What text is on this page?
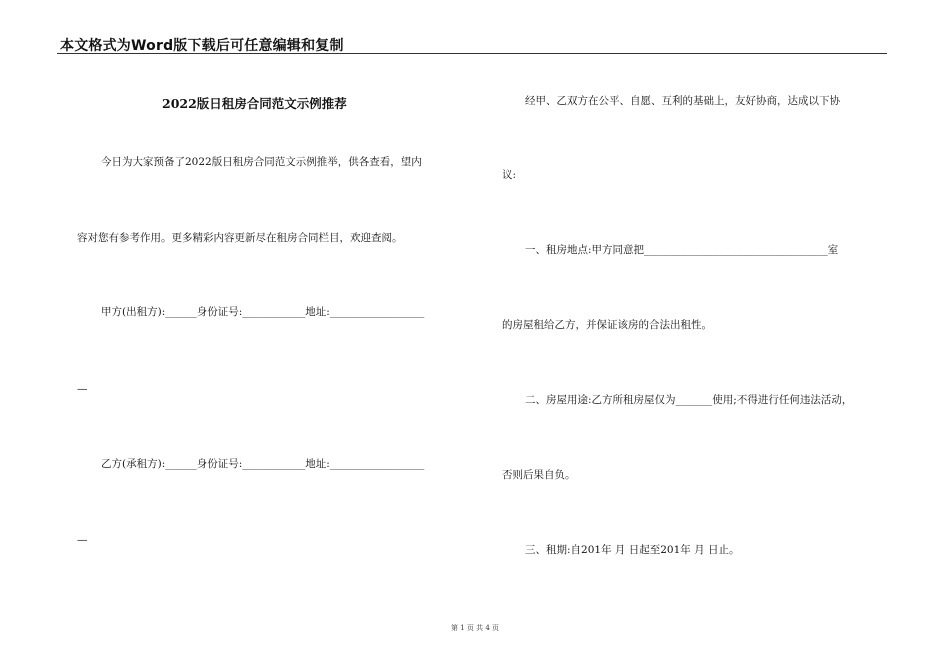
本文格式为Word版下载后可任意编辑和复制
2022版日租房合同范文示例推荐
今日为大家预备了2022版日租房合同范文示例推举，供各查看，望内
容对您有参考作用。更多精彩内容更新尽在租房合同栏目，欢迎查阅。
甲方(出租方):______身份证号:____________地址:__________________
—
乙方(承租方):______身份证号:____________地址:__________________
—
经甲、乙双方在公平、自愿、互利的基础上，友好协商，达成以下协
议:
一、租房地点:甲方同意把___________________________________室
的房屋租给乙方，并保证该房的合法出租性。
二、房屋用途:乙方所租房屋仅为_______使用;不得进行任何违法活动，
否则后果自负。
三、租期:自201年 月 日起至201年 月 日止。
第 1 页 共 4 页
